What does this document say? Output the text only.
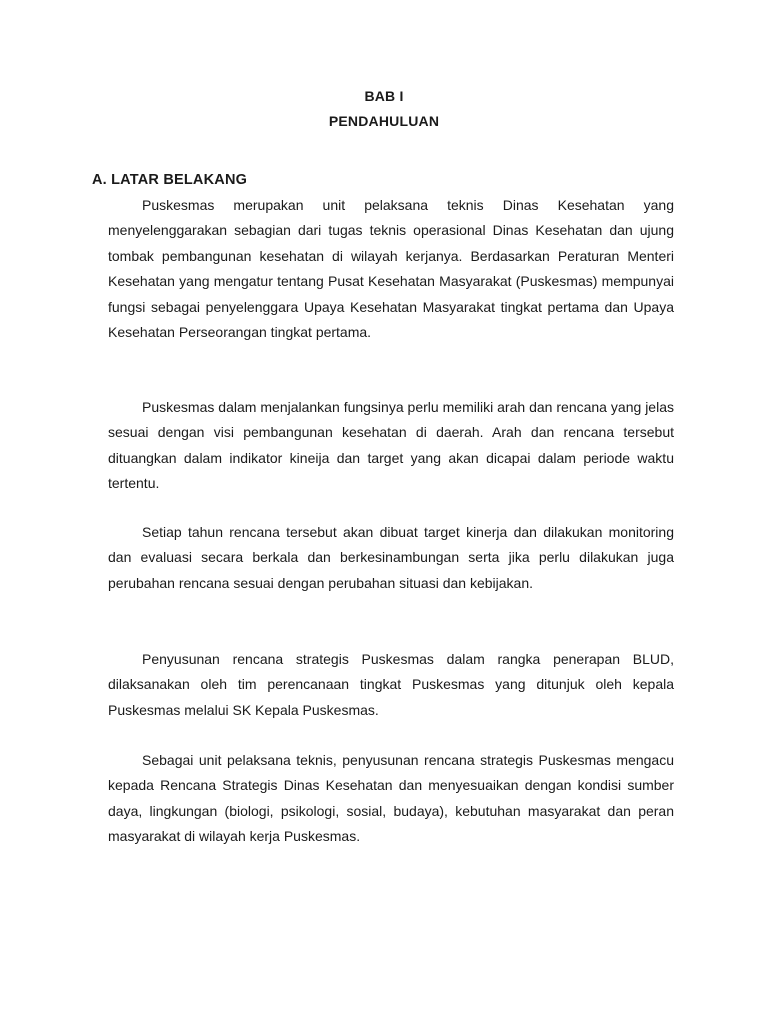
BAB I
PENDAHULUAN
A. LATAR BELAKANG

Puskesmas merupakan unit pelaksana teknis Dinas Kesehatan yang menyelenggarakan sebagian dari tugas teknis operasional Dinas Kesehatan dan ujung tombak pembangunan kesehatan di wilayah kerjanya. Berdasarkan Peraturan Menteri Kesehatan yang mengatur tentang Pusat Kesehatan Masyarakat (Puskesmas) mempunyai fungsi sebagai penyelenggara Upaya Kesehatan Masyarakat tingkat pertama dan Upaya Kesehatan Perseorangan tingkat pertama.

Puskesmas dalam menjalankan fungsinya perlu memiliki arah dan rencana yang jelas sesuai dengan visi pembangunan kesehatan di daerah. Arah dan rencana tersebut dituangkan dalam indikator kineija dan target yang akan dicapai dalam periode waktu tertentu.

Setiap tahun rencana tersebut akan dibuat target kinerja dan dilakukan monitoring dan evaluasi secara berkala dan berkesinambungan serta jika perlu dilakukan juga perubahan rencana sesuai dengan perubahan situasi dan kebijakan.

Penyusunan rencana strategis Puskesmas dalam rangka penerapan BLUD, dilaksanakan oleh tim perencanaan tingkat Puskesmas yang ditunjuk oleh kepala Puskesmas melalui SK Kepala Puskesmas.

Sebagai unit pelaksana teknis, penyusunan rencana strategis Puskesmas mengacu kepada Rencana Strategis Dinas Kesehatan dan menyesuaikan dengan kondisi sumber daya, lingkungan (biologi, psikologi, sosial, budaya), kebutuhan masyarakat dan peran masyarakat di wilayah kerja Puskesmas.
